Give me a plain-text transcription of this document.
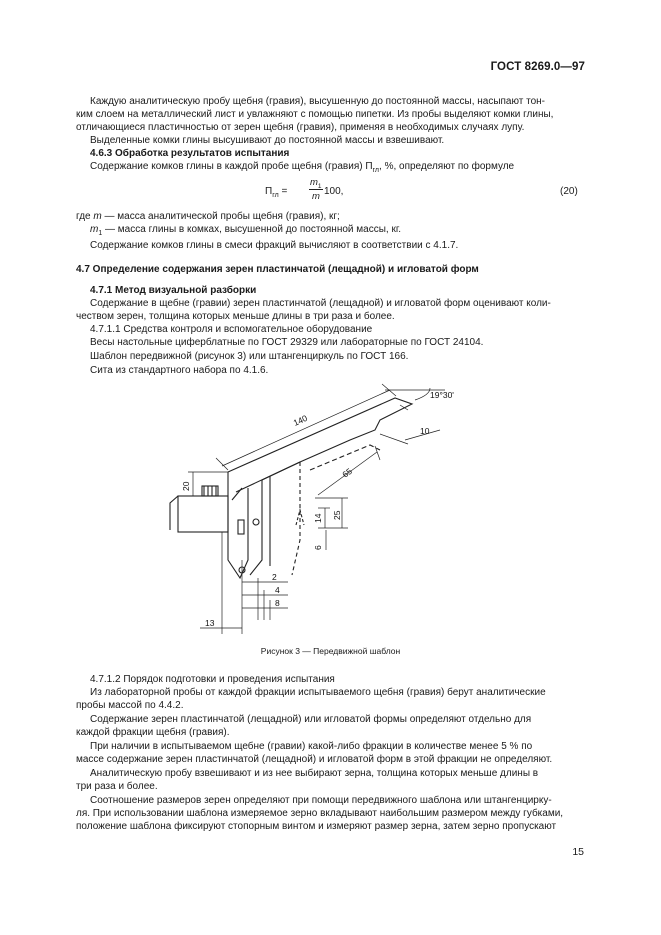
ГОСТ 8269.0—97
Каждую аналитическую пробу щебня (гравия), высушенную до постоянной массы, насыпают тон-
ким слоем на металлический лист и увлажняют с помощью пипетки. Из пробы выделяют комки глины,
отличающиеся пластичностью от зерен щебня (гравия), применяя в необходимых случаях лупу.
Выделенные комки глины высушивают до постоянной массы и взвешивают.
4.6.3 Обработка результатов испытания
Содержание комков глины в каждой пробе щебня (гравия) $П_{гл}$, %, определяют по формуле
$П_{гл}$ =
$m_1$
m 100,	(20)
где m — масса аналитической пробы щебня (гравия), кг;
$m_1$ — масса глины в комках, высушенной до постоянной массы, кг.
Содержание комков глины в смеси фракций вычисляют в соответствии с 4.1.7.
4.7 Определение содержания зерен пластинчатой (лещадной) и игловатой форм
4.7.1 Метод визуальной разборки
Содержание в щебне (гравии) зерен пластинчатой (лещадной) и игловатой форм оценивают коли-
чеством зерен, толщина которых меньше длины в три раза и более.
4.7.1.1 Средства контроля и вспомогательное оборудование
Весы настольные циферблатные по ГОСТ 29329 или лабораторные по ГОСТ 24104.
Шаблон передвижной (рисунок 3) или штангенциркуль по ГОСТ 166.
Сита из стандартного набора по 4.1.6.
19°30'
140
10
65
20
14 25
6
2
4
8
13
Рисунок 3 — Передвижной шаблон
4.7.1.2 Порядок подготовки и проведения испытания
Из лабораторной пробы от каждой фракции испытываемого щебня (гравия) берут аналитические
пробы массой по 4.4.2.
Содержание зерен пластинчатой (лещадной) или игловатой формы определяют отдельно для
каждой фракции щебня (гравия).
При наличии в испытываемом щебне (гравии) какой-либо фракции в количестве менее 5 % по
массе содержание зерен пластинчатой (лещадной) и игловатой форм в этой фракции не определяют.
Аналитическую пробу взвешивают и из нее выбирают зерна, толщина которых меньше длины в
три раза и более.
Соотношение размеров зерен определяют при помощи передвижного шаблона или штангенцирку-
ля. При использовании шаблона измеряемое зерно вкладывают наибольшим размером между губками,
положение шаблона фиксируют стопорным винтом и измеряют размер зерна, затем зерно пропускают
15
